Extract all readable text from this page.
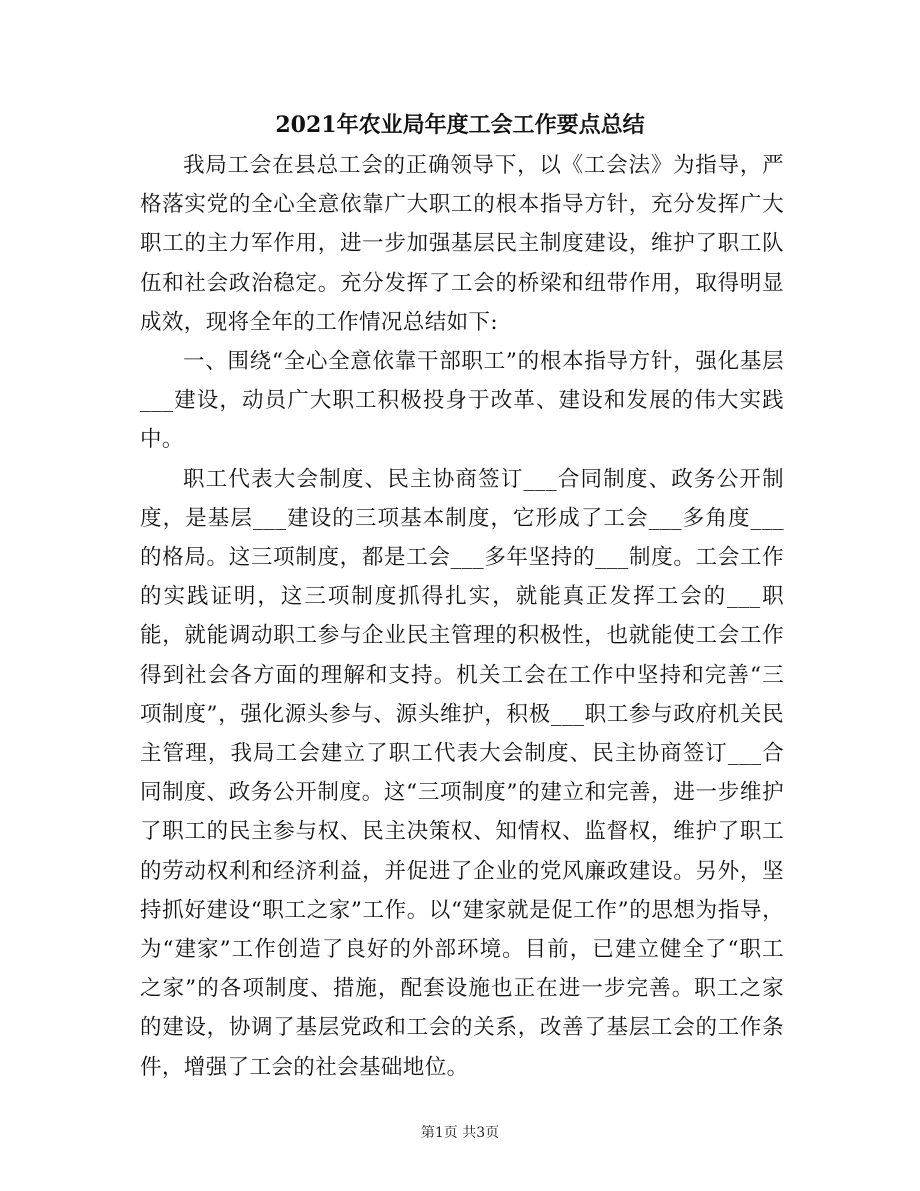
2021年农业局年度工会工作要点总结

我局工会在县总工会的正确领导下，以《工会法》为指导，严格落实党的全心全意依靠广大职工的根本指导方针，充分发挥广大职工的主力军作用，进一步加强基层民主制度建设，维护了职工队伍和社会政治稳定。充分发挥了工会的桥梁和纽带作用，取得明显成效，现将全年的工作情况总结如下:

一、围绕“全心全意依靠干部职工”的根本指导方针，强化基层___建设，动员广大职工积极投身于改革、建设和发展的伟大实践中。

职工代表大会制度、民主协商签订___合同制度、政务公开制度，是基层___建设的三项基本制度，它形成了工会___多角度___的格局。这三项制度，都是工会___多年坚持的___制度。工会工作的实践证明，这三项制度抓得扎实，就能真正发挥工会的___职能，就能调动职工参与企业民主管理的积极性，也就能使工会工作得到社会各方面的理解和支持。机关工会在工作中坚持和完善“三项制度”，强化源头参与、源头维护，积极___职工参与政府机关民主管理，我局工会建立了职工代表大会制度、民主协商签订___合同制度、政务公开制度。这“三项制度”的建立和完善，进一步维护了职工的民主参与权、民主决策权、知情权、监督权，维护了职工的劳动权利和经济利益，并促进了企业的党风廉政建设。另外，坚持抓好建设“职工之家”工作。以“建家就是促工作”的思想为指导，为“建家”工作创造了良好的外部环境。目前，已建立健全了“职工之家”的各项制度、措施，配套设施也正在进一步完善。职工之家的建设，协调了基层党政和工会的关系，改善了基层工会的工作条件，增强了工会的社会基础地位。

第1页 共3页
